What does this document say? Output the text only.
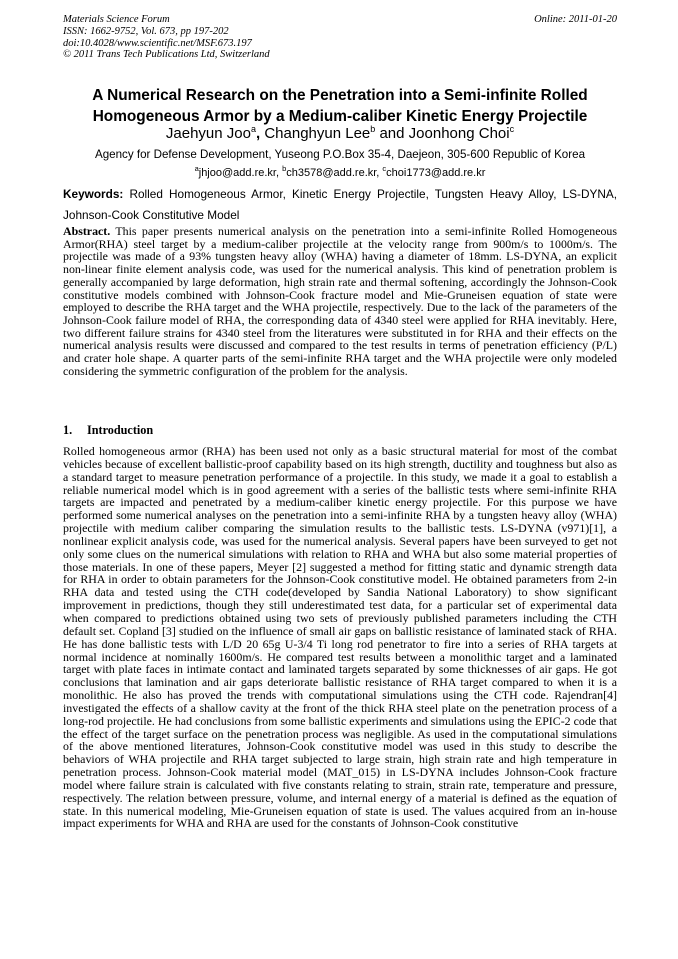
Materials Science Forum
ISSN: 1662-9752, Vol. 673, pp 197-202
doi:10.4028/www.scientific.net/MSF.673.197
© 2011 Trans Tech Publications Ltd, Switzerland
Online: 2011-01-20
A Numerical Research on the Penetration into a Semi-infinite Rolled Homogeneous Armor by a Medium-caliber Kinetic Energy Projectile
Jaehyun Joo$^a$, Changhyun Lee$^b$ and Joonhong Choi$^c$
Agency for Defense Development, Yuseong P.O.Box 35-4, Daejeon, 305-600 Republic of Korea
$^a$jhjoo@add.re.kr, $^b$ch3578@add.re.kr, $^c$choi1773@add.re.kr
Keywords: Rolled Homogeneous Armor, Kinetic Energy Projectile, Tungsten Heavy Alloy, LS-DYNA, Johnson-Cook Constitutive Model
Abstract. This paper presents numerical analysis on the penetration into a semi-infinite Rolled Homogeneous Armor(RHA) steel target by a medium-caliber projectile at the velocity range from 900m/s to 1000m/s. The projectile was made of a 93% tungsten heavy alloy (WHA) having a diameter of 18mm. LS-DYNA, an explicit non-linear finite element analysis code, was used for the numerical analysis. This kind of penetration problem is generally accompanied by large deformation, high strain rate and thermal softening, accordingly the Johnson-Cook constitutive models combined with Johnson-Cook fracture model and Mie-Gruneisen equation of state were employed to describe the RHA target and the WHA projectile, respectively. Due to the lack of the parameters of the Johnson-Cook failure model of RHA, the corresponding data of 4340 steel were applied for RHA inevitably. Here, two different failure strains for 4340 steel from the literatures were substituted in for RHA and their effects on the numerical analysis results were discussed and compared to the test results in terms of penetration efficiency (P/L) and crater hole shape. A quarter parts of the semi-infinite RHA target and the WHA projectile were only modeled considering the symmetric configuration of the problem for the analysis.
1. Introduction
Rolled homogeneous armor (RHA) has been used not only as a basic structural material for most of the combat vehicles because of excellent ballistic-proof capability based on its high strength, ductility and toughness but also as a standard target to measure penetration performance of a projectile. In this study, we made it a goal to establish a reliable numerical model which is in good agreement with a series of the ballistic tests where semi-infinite RHA targets are impacted and penetrated by a medium-caliber kinetic energy projectile. For this purpose we have performed some numerical analyses on the penetration into a semi-infinite RHA by a tungsten heavy alloy (WHA) projectile with medium caliber comparing the simulation results to the ballistic tests. LS-DYNA (v971)[1], a nonlinear explicit analysis code, was used for the numerical analysis. Several papers have been surveyed to get not only some clues on the numerical simulations with relation to RHA and WHA but also some material properties of those materials. In one of these papers, Meyer [2] suggested a method for fitting static and dynamic strength data for RHA in order to obtain parameters for the Johnson-Cook constitutive model. He obtained parameters from 2-in RHA data and tested using the CTH code(developed by Sandia National Laboratory) to show significant improvement in predictions, though they still underestimated test data, for a particular set of experimental data when compared to predictions obtained using two sets of previously published parameters including the CTH default set. Copland [3] studied on the influence of small air gaps on ballistic resistance of laminated stack of RHA. He has done ballistic tests with L/D 20 65g U-3/4 Ti long rod penetrator to fire into a series of RHA targets at normal incidence at nominally 1600m/s. He compared test results between a monolithic target and a laminated target with plate faces in intimate contact and laminated targets separated by some thicknesses of air gaps. He got conclusions that lamination and air gaps deteriorate ballistic resistance of RHA target compared to when it is a monolithic. He also has proved the trends with computational simulations using the CTH code. Rajendran[4] investigated the effects of a shallow cavity at the front of the thick RHA steel plate on the penetration process of a long-rod projectile. He had conclusions from some ballistic experiments and simulations using the EPIC-2 code that the effect of the target surface on the penetration process was negligible. As used in the computational simulations of the above mentioned literatures, Johnson-Cook constitutive model was used in this study to describe the behaviors of WHA projectile and RHA target subjected to large strain, high strain rate and high temperature in penetration process. Johnson-Cook material model (MAT_015) in LS-DYNA includes Johnson-Cook fracture model where failure strain is calculated with five constants relating to strain, strain rate, temperature and pressure, respectively. The relation between pressure, volume, and internal energy of a material is defined as the equation of state. In this numerical modeling, Mie-Gruneisen equation of state is used. The values acquired from an in-house impact experiments for WHA and RHA are used for the constants of Johnson-Cook constitutive
